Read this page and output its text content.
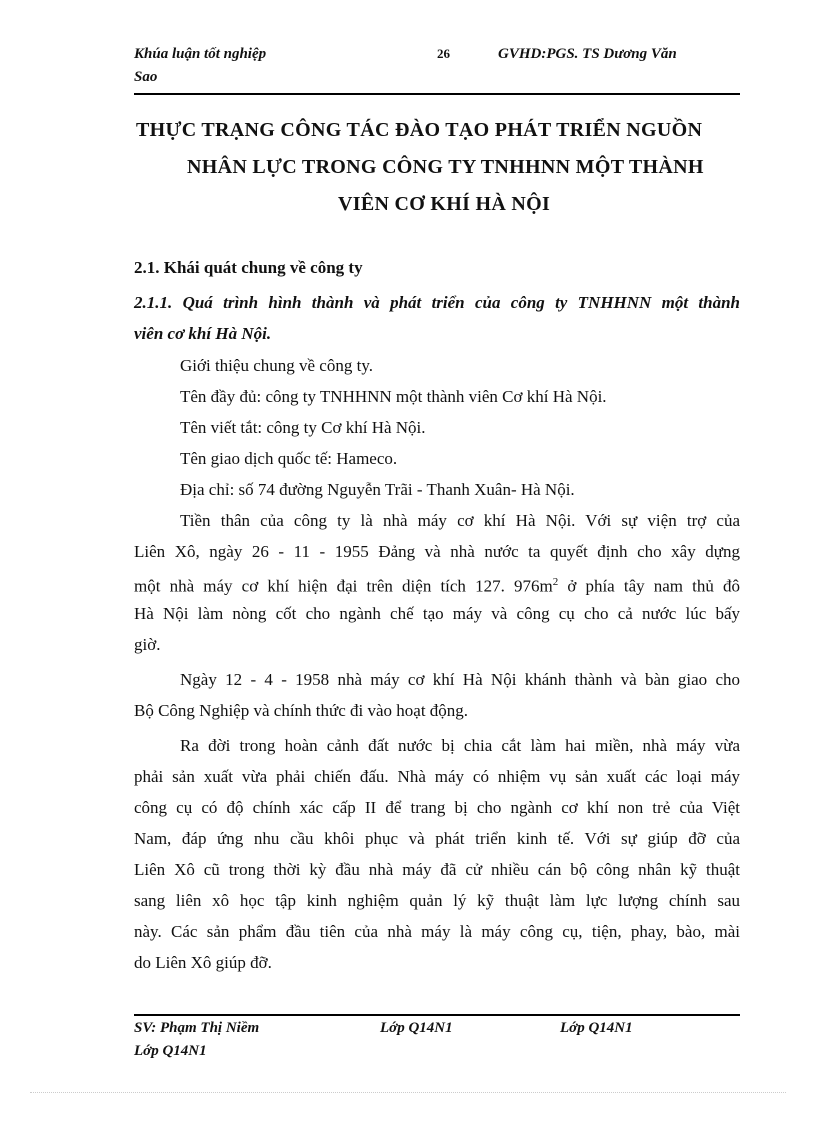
Khúa luận tốt nghiệp	26	GVHD:PGS. TS Dương Văn
Sao
THỰC TRẠNG CÔNG TÁC ĐÀO TẠO PHÁT TRIỂN NGUỒN
NHÂN LỰC TRONG CÔNG TY TNHHNN MỘT THÀNH
VIÊN CƠ KHÍ HÀ NỘI
2.1. Khái quát chung về công ty
2.1.1. Quá trình hình thành và phát triển của công ty TNHHNN một thành
viên cơ khí Hà Nội.
Giới thiệu chung về công ty.
Tên đầy đủ: công ty TNHHNN một thành viên Cơ khí Hà Nội.
Tên viết tắt: công ty Cơ khí Hà Nội.
Tên giao dịch quốc tế: Hameco.
Địa chỉ: số 74 đường Nguyễn Trãi - Thanh Xuân- Hà Nội.
Tiền thân của công ty là nhà máy cơ khí Hà Nội. Với sự viện trợ của
Liên Xô, ngày 26 - 11 - 1955 Đảng và nhà nước ta quyết định cho xây dựng
một nhà máy cơ khí hiện đại trên diện tích 127. $976m^2$ ở phía tây nam thủ đô
Hà Nội làm nòng cốt cho ngành chế tạo máy và công cụ cho cả nước lúc bấy
giờ.
Ngày 12 - 4 - 1958 nhà máy cơ khí Hà Nội khánh thành và bàn giao cho
Bộ Công Nghiệp và chính thức đi vào hoạt động.
Ra đời trong hoàn cảnh đất nước bị chia cắt làm hai miền, nhà máy vừa
phải sản xuất vừa phải chiến đấu. Nhà máy có nhiệm vụ sản xuất các loại máy
công cụ có độ chính xác cấp II để trang bị cho ngành cơ khí non trẻ của Việt
Nam, đáp ứng nhu cầu khôi phục và phát triển kinh tế. Với sự giúp đỡ của
Liên Xô cũ trong thời kỳ đầu nhà máy đã cử nhiều cán bộ công nhân kỹ thuật
sang liên xô học tập kinh nghiệm quản lý kỹ thuật làm lực lượng chính sau
này. Các sản phẩm đầu tiên của nhà máy là máy công cụ, tiện, phay, bào, mài
do Liên Xô giúp đỡ.
SV: Phạm Thị Niềm	Lớp Q14N1	Lớp Q14N1
Lớp Q14N1
